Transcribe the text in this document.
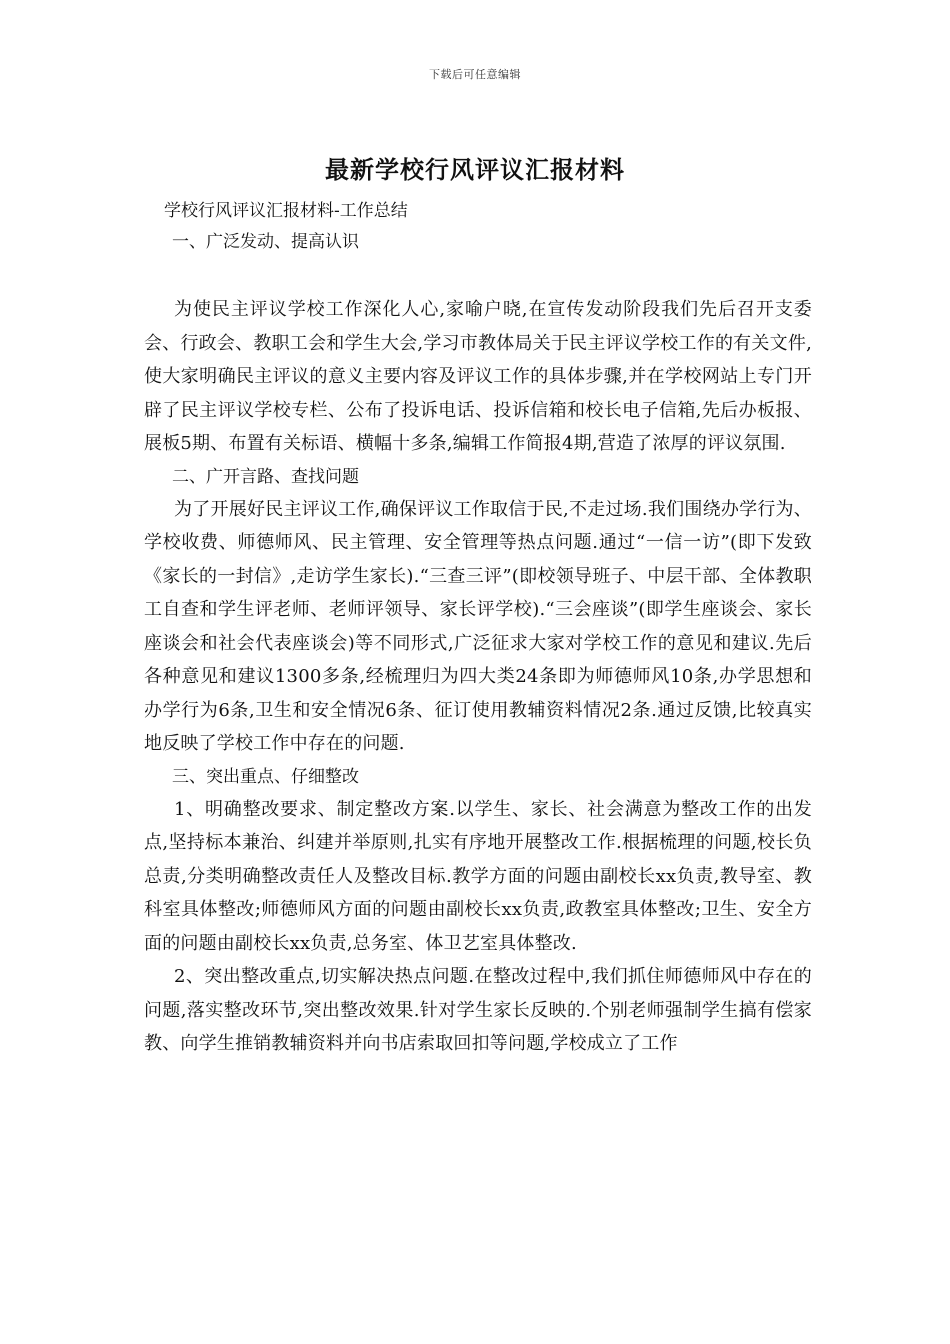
下载后可任意编辑
最新学校行风评议汇报材料

学校行风评议汇报材料-工作总结

一、广泛发动、提高认识

为使民主评议学校工作深化人心,家喻户晓,在宣传发动阶段我们先后召开支委会、行政会、教职工会和学生大会,学习市教体局关于民主评议学校工作的有关文件,使大家明确民主评议的意义主要内容及评议工作的具体步骤,并在学校网站上专门开辟了民主评议学校专栏、公布了投诉电话、投诉信箱和校长电子信箱,先后办板报、展板5期、布置有关标语、横幅十多条,编辑工作简报4期,营造了浓厚的评议氛围.

二、广开言路、查找问题

为了开展好民主评议工作,确保评议工作取信于民,不走过场.我们围绕办学行为、学校收费、师德师风、民主管理、安全管理等热点问题.通过“一信一访”(即下发致《家长的一封信》,走访学生家长).“三查三评”(即校领导班子、中层干部、全体教职工自查和学生评老师、老师评领导、家长评学校).“三会座谈”(即学生座谈会、家长座谈会和社会代表座谈会)等不同形式,广泛征求大家对学校工作的意见和建议.先后各种意见和建议1300多条,经梳理归为四大类24条即为师德师风10条,办学思想和办学行为6条,卫生和安全情况6条、征订使用教辅资料情况2条.通过反馈,比较真实地反映了学校工作中存在的问题.

三、突出重点、仔细整改

1、明确整改要求、制定整改方案.以学生、家长、社会满意为整改工作的出发点,坚持标本兼治、纠建并举原则,扎实有序地开展整改工作.根据梳理的问题,校长负总责,分类明确整改责任人及整改目标.教学方面的问题由副校长xx负责,教导室、教科室具体整改;师德师风方面的问题由副校长xx负责,政教室具体整改;卫生、安全方面的问题由副校长xx负责,总务室、体卫艺室具体整改.

2、突出整改重点,切实解决热点问题.在整改过程中,我们抓住师德师风中存在的问题,落实整改环节,突出整改效果.针对学生家长反映的.个别老师强制学生搞有偿家教、向学生推销教辅资料并向书店索取回扣等问题,学校成立了工作
